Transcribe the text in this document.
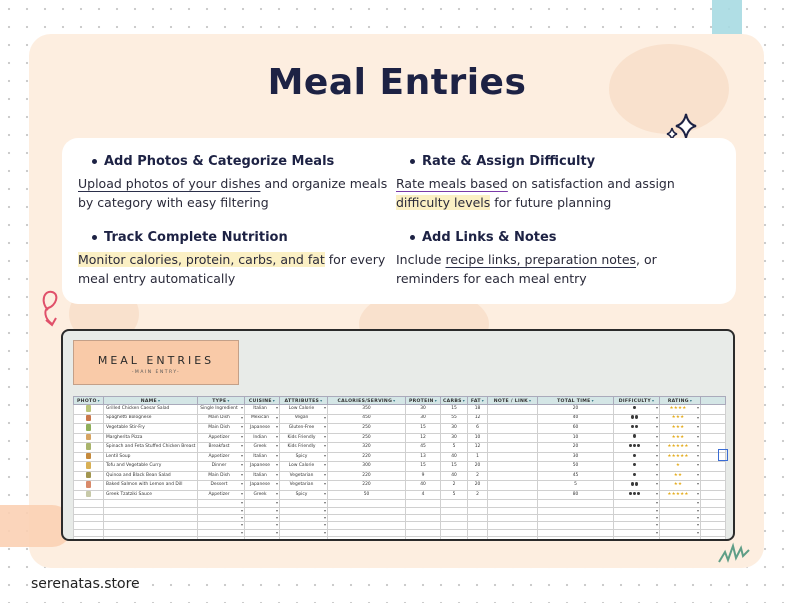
Meal Entries
Add Photos & Categorize Meals
Upload photos of your dishes and organize meals by category with easy filtering
Rate & Assign Difficulty
Rate meals based on satisfaction and assign difficulty levels for future planning
Track Complete Nutrition
Monitor calories, protein, carbs, and fat for every meal entry automatically
Add Links & Notes
Include recipe links, preparation notes, or reminders for each meal entry
MEAL ENTRIES
-MAIN ENTRY-
PHOTO▾	NAME▾	TYPE▾	CUISINE▾	ATTRIBUTES▾	CALORIES/SERVING▾	PROTEIN▾	CARBS▾	FAT▾	NOTE / LINK▾	TOTAL TIME▾	DIFFICULTY▾	RATING▾	
	Grilled Chicken Caesar Salad	Single Ingredient ▾	Italian ▾	Low Calorie ▾	350	30	15	18		20	▾	★★★★ ▾	
	Spaghetti Bolognese	Main Dish ▾	Mexican ▾	Vegan ▾	450	30	55	12		40	▾	★★★ ▾	
	Vegetable Stir-Fry	Main Dish ▾	Japanese ▾	Gluten-Free ▾	250	15	30	6		60	▾	★★★ ▾	
	Margherita Pizza	Appetizer ▾	Indian ▾	Kids Friendly ▾	250	12	30	10		10	▾	★★★ ▾	
	Spinach and Feta Stuffed Chicken Breast	Breakfast ▾	Greek ▾	Kids Friendly ▾	320	45	5	12		20	▾	★★★★★ ▾	
	Lentil Soup	Appetizer ▾	Italian ▾	Spicy ▾	220	13	40	1		30	▾	★★★★★ ▾	
	Tofu and Vegetable Curry	Dinner ▾	Japanese ▾	Low Calorie ▾	300	15	15	20		50	▾	★ ▾	
	Quinoa and Black Bean Salad	Main Dish ▾	Italian ▾	Vegetarian ▾	220	9	40	2		45	▾	★★ ▾	
	Baked Salmon with Lemon and Dill	Dessert ▾	Japanese ▾	Vegetarian ▾	220	40	2	20		5	▾	★★ ▾	
	Greek Tzatziki Sauce	Appetizer ▾	Greek ▾	Spicy ▾	50	4	5	2		80	▾	★★★★★ ▾	
		▾	▾	▾							▾	▾	
		▾	▾	▾							▾	▾	
		▾	▾	▾							▾	▾	
		▾	▾	▾							▾	▾	
		▾	▾	▾							▾	▾	
		▾	▾	▾							▾	▾	

serenatas.store
